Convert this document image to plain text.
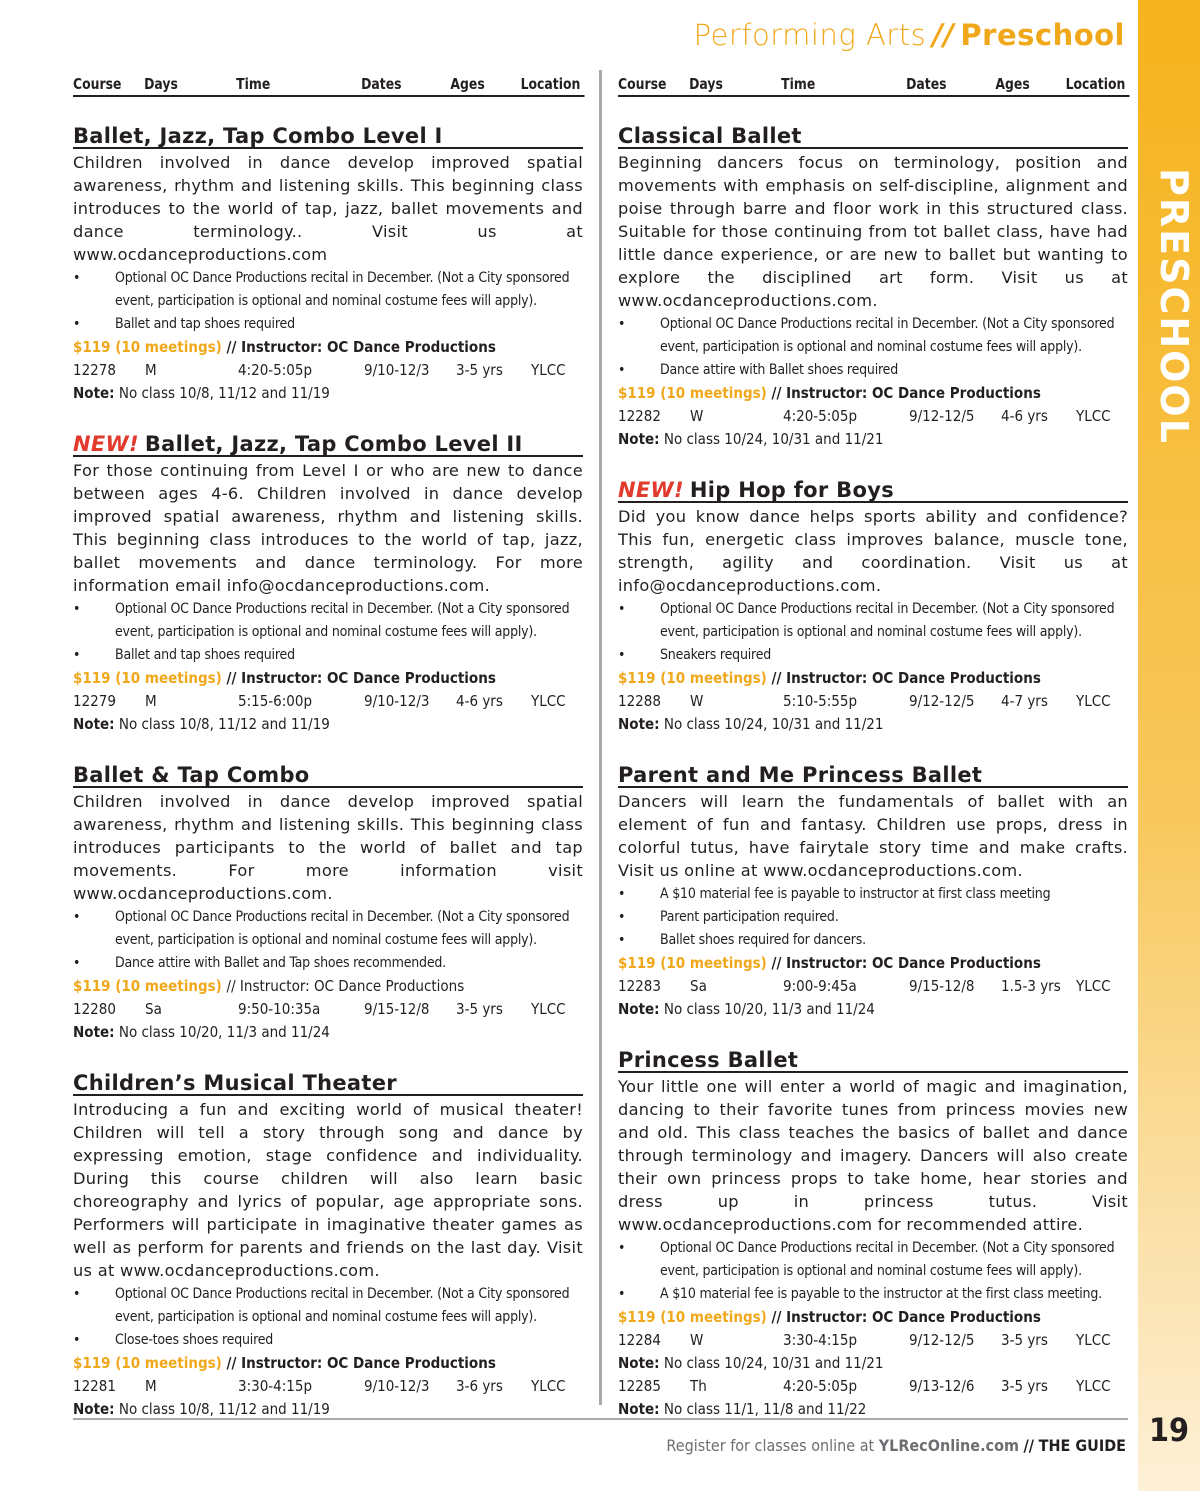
Performing Arts // Preschool
PRESCHOOL
19
Course	Days	Time	Dates	Ages	Location
Ballet, Jazz, Tap Combo Level I

Children involved in dance develop improved spatial awareness, rhythm and listening skills. This beginning class introduces to the world of tap, jazz, ballet movements and dance terminology.. Visit us at www.ocdanceproductions.com

• Optional OC Dance Productions recital in December. (Not a City sponsored event, participation is optional and nominal costume fees will apply).
• Ballet and tap shoes required
$119 (10 meetings) // Instructor: OC Dance Productions
12278	M	4:20-5:05p	9/10-12/3	3-5 yrs	YLCC
Note: No class 10/8, 11/12 and 11/19
NEW! Ballet, Jazz, Tap Combo Level II

For those continuing from Level I or who are new to dance between ages 4-6. Children involved in dance develop improved spatial awareness, rhythm and listening skills. This beginning class introduces to the world of tap, jazz, ballet movements and dance terminology. For more information email info@ocdanceproductions.com.

• Optional OC Dance Productions recital in December. (Not a City sponsored event, participation is optional and nominal costume fees will apply).
• Ballet and tap shoes required
$119 (10 meetings) // Instructor: OC Dance Productions
12279	M	5:15-6:00p	9/10-12/3	4-6 yrs	YLCC
Note: No class 10/8, 11/12 and 11/19
Ballet & Tap Combo

Children involved in dance develop improved spatial awareness, rhythm and listening skills. This beginning class introduces participants to the world of ballet and tap movements. For more information visit www.ocdanceproductions.com.

• Optional OC Dance Productions recital in December. (Not a City sponsored event, participation is optional and nominal costume fees will apply).
• Dance attire with Ballet and Tap shoes recommended.
$119 (10 meetings) // Instructor: OC Dance Productions
12280	Sa	9:50-10:35a	9/15-12/8	3-5 yrs	YLCC
Note: No class 10/20, 11/3 and 11/24
Children’s Musical Theater

Introducing a fun and exciting world of musical theater! Children will tell a story through song and dance by expressing emotion, stage confidence and individuality. During this course children will also learn basic choreography and lyrics of popular, age appropriate sons. Performers will participate in imaginative theater games as well as perform for parents and friends on the last day. Visit us at www.ocdanceproductions.com.

• Optional OC Dance Productions recital in December. (Not a City sponsored event, participation is optional and nominal costume fees will apply).
• Close-toes shoes required
$119 (10 meetings) // Instructor: OC Dance Productions
12281	M	3:30-4:15p	9/10-12/3	3-6 yrs	YLCC
Note: No class 10/8, 11/12 and 11/19
Course	Days	Time	Dates	Ages	Location
Classical Ballet

Beginning dancers focus on terminology, position and movements with emphasis on self-discipline, alignment and poise through barre and floor work in this structured class. Suitable for those continuing from tot ballet class, have had little dance experience, or are new to ballet but wanting to explore the disciplined art form. Visit us at www.ocdanceproductions.com.

• Optional OC Dance Productions recital in December. (Not a City sponsored event, participation is optional and nominal costume fees will apply).
• Dance attire with Ballet shoes required
$119 (10 meetings) // Instructor: OC Dance Productions
12282	W	4:20-5:05p	9/12-12/5	4-6 yrs	YLCC
Note: No class 10/24, 10/31 and 11/21
NEW! Hip Hop for Boys

Did you know dance helps sports ability and confidence? This fun, energetic class improves balance, muscle tone, strength, agility and coordination. Visit us at info@ocdanceproductions.com.

• Optional OC Dance Productions recital in December. (Not a City sponsored event, participation is optional and nominal costume fees will apply).
• Sneakers required
$119 (10 meetings) // Instructor: OC Dance Productions
12288	W	5:10-5:55p	9/12-12/5	4-7 yrs	YLCC
Note: No class 10/24, 10/31 and 11/21
Parent and Me Princess Ballet

Dancers will learn the fundamentals of ballet with an element of fun and fantasy. Children use props, dress in colorful tutus, have fairytale story time and make crafts. Visit us online at www.ocdanceproductions.com.

• A $10 material fee is payable to instructor at first class meeting
• Parent participation required.
• Ballet shoes required for dancers.
$119 (10 meetings) // Instructor: OC Dance Productions
12283	Sa	9:00-9:45a	9/15-12/8	1.5-3 yrs	YLCC
Note: No class 10/20, 11/3 and 11/24
Princess Ballet

Your little one will enter a world of magic and imagination, dancing to their favorite tunes from princess movies new and old. This class teaches the basics of ballet and dance through terminology and imagery. Dancers will also create their own princess props to take home, hear stories and dress up in princess tutus. Visit www.ocdanceproductions.com for recommended attire.

• Optional OC Dance Productions recital in December. (Not a City sponsored event, participation is optional and nominal costume fees will apply).
• A $10 material fee is payable to the instructor at the first class meeting.
$119 (10 meetings) // Instructor: OC Dance Productions
12284	W	3:30-4:15p	9/12-12/5	3-5 yrs	YLCC
Note: No class 10/24, 10/31 and 11/21
12285	Th	4:20-5:05p	9/13-12/6	3-5 yrs	YLCC
Note: No class 11/1, 11/8 and 11/22
Register for classes online at YLRecOnline.com // THE GUIDE
